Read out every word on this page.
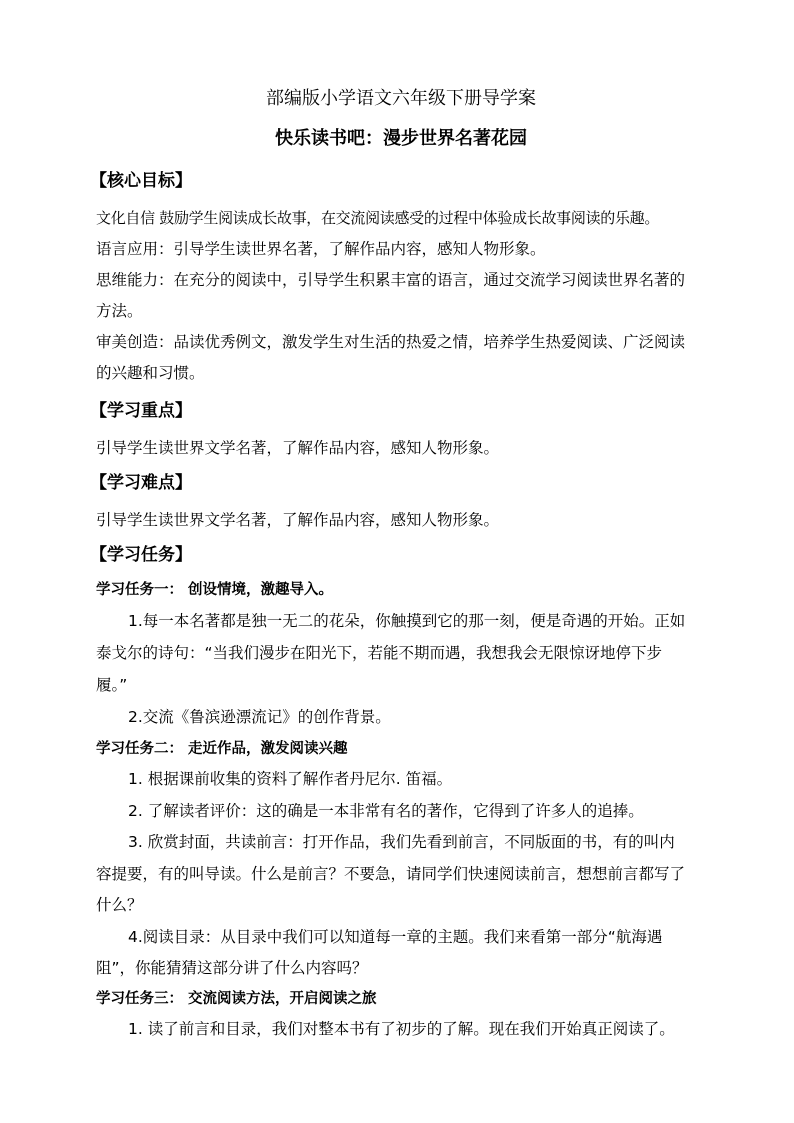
部编版小学语文六年级下册导学案
快乐读书吧：漫步世界名著花园
【核心目标】
文化自信 鼓励学生阅读成长故事，在交流阅读感受的过程中体验成长故事阅读的乐趣。
语言应用：引导学生读世界名著，了解作品内容，感知人物形象。
思维能力：在充分的阅读中，引导学生积累丰富的语言，通过交流学习阅读世界名著的
方法。
审美创造：品读优秀例文，激发学生对生活的热爱之情，培养学生热爱阅读、广泛阅读
的兴趣和习惯。
【学习重点】
引导学生读世界文学名著，了解作品内容，感知人物形象。
【学习难点】
引导学生读世界文学名著，了解作品内容，感知人物形象。
【学习任务】
学习任务一： 创设情境，激趣导入。
1.每一本名著都是独一无二的花朵，你触摸到它的那一刻，便是奇遇的开始。正如
泰戈尔的诗句：“当我们漫步在阳光下，若能不期而遇，我想我会无限惊讶地停下步
履。”
2.交流《鲁滨逊漂流记》的创作背景。
学习任务二： 走近作品，激发阅读兴趣
1. 根据课前收集的资料了解作者丹尼尔. 笛福。
2. 了解读者评价：这的确是一本非常有名的著作，它得到了许多人的追捧。
3. 欣赏封面，共读前言：打开作品，我们先看到前言，不同版面的书，有的叫内
容提要，有的叫导读。什么是前言？不要急，请同学们快速阅读前言，想想前言都写了
什么？
4.阅读目录：从目录中我们可以知道每一章的主题。我们来看第一部分“航海遇
阻”，你能猜猜这部分讲了什么内容吗？
学习任务三： 交流阅读方法，开启阅读之旅
1. 读了前言和目录，我们对整本书有了初步的了解。现在我们开始真正阅读了。
